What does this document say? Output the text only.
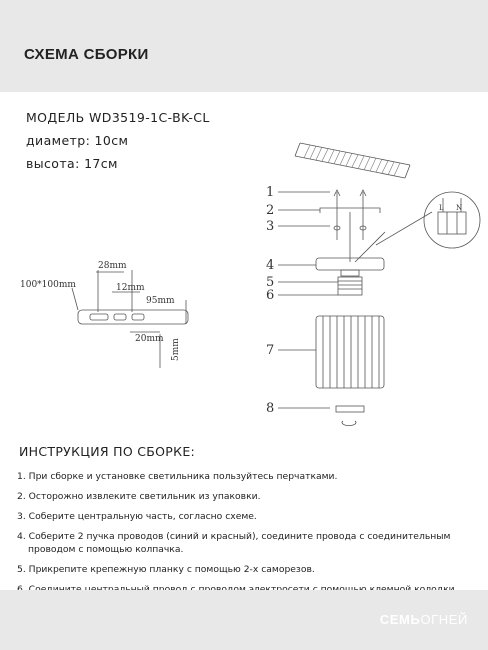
СХЕМА СБОРКИ
МОДЕЛЬ WD3519-1C-BK-CL
диаметр: 10cм
высота: 17cм
100*100mm
28mm
12mm
95mm
20mm 5mm
1
2
3
4
5
6
7
8
L N
ИНСТРУКЦИЯ ПО СБОРКЕ:
1. При сборке и установке светильника пользуйтесь перчатками.
2. Осторожно извлеките светильник из упаковки.
3. Соберите центральную часть, согласно схеме.
4. Соберите 2 пучка проводов (синий и красный), соедините провода с соединительным
проводом с помощью колпачка.
5. Прикрепите крепежную планку с помощью 2-х саморезов.
СЕМЬОГНЕЙ
